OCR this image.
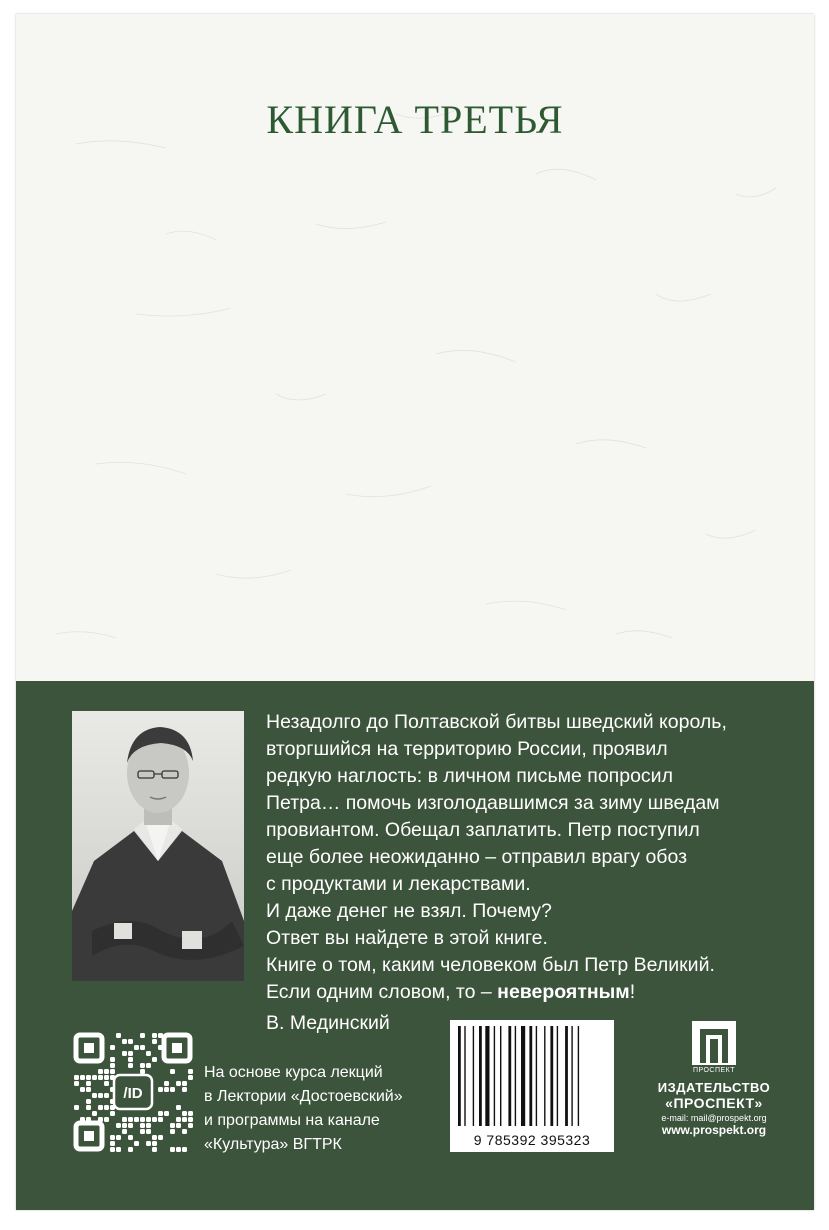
КНИГА ТРЕТЬЯ
Незадолго до Полтавской битвы шведский король,
вторгшийся на территорию России, проявил
редкую наглость: в личном письме попросил
Петра… помочь изголодавшимся за зиму шведам
провиантом. Обещал заплатить. Петр поступил
еще более неожиданно – отправил врагу обоз
с продуктами и лекарствами.
И даже денег не взял. Почему?
Ответ вы найдете в этой книге.
Книге о том, каким человеком был Петр Великий.
Если одним словом, то – невероятным!
В. Мединский
/ID
На основе курса лекций
в Лектории «Достоевский»
и программы на канале
«Культура» ВГТРК	9 785392 395323
ПРОСПЕКТ
ИЗДАТЕЛЬСТВО
«ПРОСПЕКТ»
e-mail: mail@prospekt.org
www.prospekt.org
